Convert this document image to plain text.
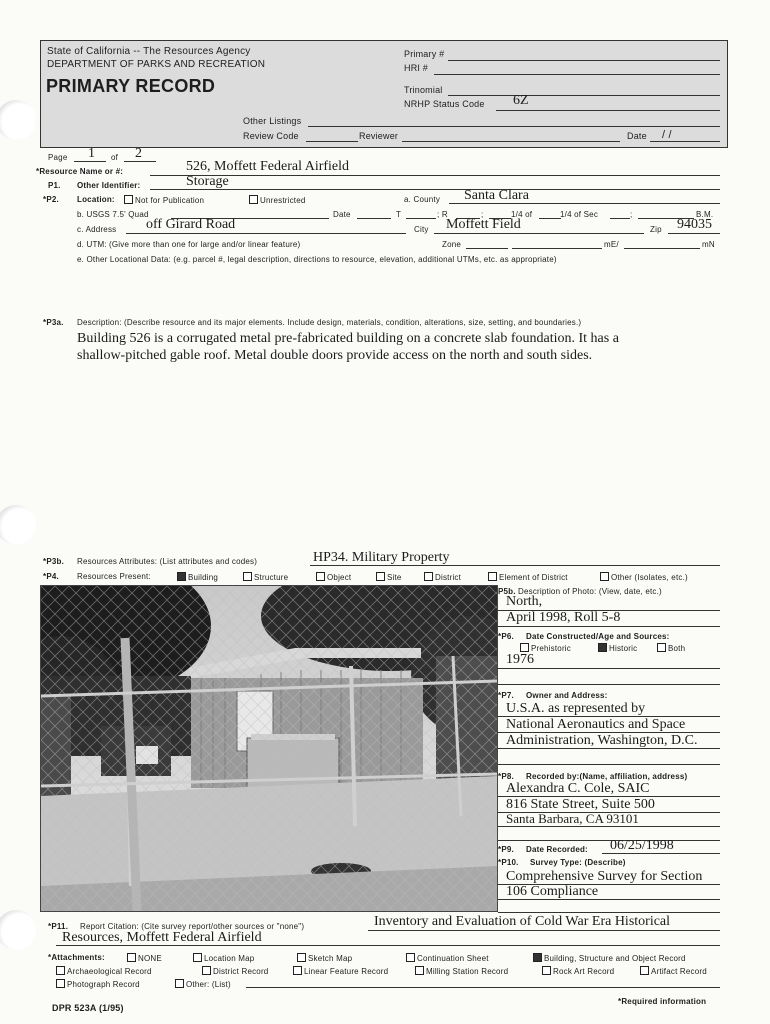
State of California -- The Resources Agency
DEPARTMENT OF PARKS AND RECREATION
PRIMARY RECORD
Primary #
HRI #
Trinomial
NRHP Status Code 6Z
Other Listings
Review Code	Reviewer	Date / /
Page 1 of 2
*Resource Name or #:	526, Moffett Federal Airfield
P1. Other Identifier:	Storage
*P2. Location:	Not for Publication	Unrestricted	a. County Santa Clara
b. USGS 7.5' Quad	Date	T	; R	;	1/4 of	1/4 of Sec	;	B.M.
c. Address off Girard Road	City Moffett Field	Zip 94035
d. UTM: (Give more than one for large and/or linear feature)	Zone	mE/	mN
e. Other Locational Data: (e.g. parcel #, legal description, directions to resource, elevation, additional UTMs, etc. as appropriate)
*P3a. Description: (Describe resource and its major elements. Include design, materials, condition, alterations, size, setting, and boundaries.)
Building 526 is a corrugated metal pre-fabricated building on a concrete slab foundation. It has a
shallow-pitched gable roof. Metal double doors provide access on the north and south sides.
*P3b. Resources Attributes: (List attributes and codes)	HP34. Military Property
*P4. Resources Present:	Building	Structure	Object	Site	District	Element of District	Other (Isolates, etc.)
P5b. Description of Photo: (View, date, etc.)
North,
April 1998, Roll 5-8
*P6. Date Constructed/Age and Sources:
Prehistoric	Historic	Both
1976
*P7. Owner and Address:
U.S.A. as represented by
National Aeronautics and Space
Administration, Washington, D.C.
*P8. Recorded by:(Name, affiliation, address)
Alexandra C. Cole, SAIC
816 State Street, Suite 500
Santa Barbara, CA 93101
*P9. Date Recorded: 06/25/1998
*P10. Survey Type: (Describe)
Comprehensive Survey for Section
106 Compliance
*P11. Report Citation: (Cite survey report/other sources or "none")	Inventory and Evaluation of Cold War Era Historical
Resources, Moffett Federal Airfield
*Attachments:	NONE	Location Map	Sketch Map	Continuation Sheet	Building, Structure and Object Record
Archaeological Record	District Record	Linear Feature Record	Milling Station Record	Rock Art Record	Artifact Record
Photograph Record	Other: (List)
DPR 523A (1/95)
*Required information
